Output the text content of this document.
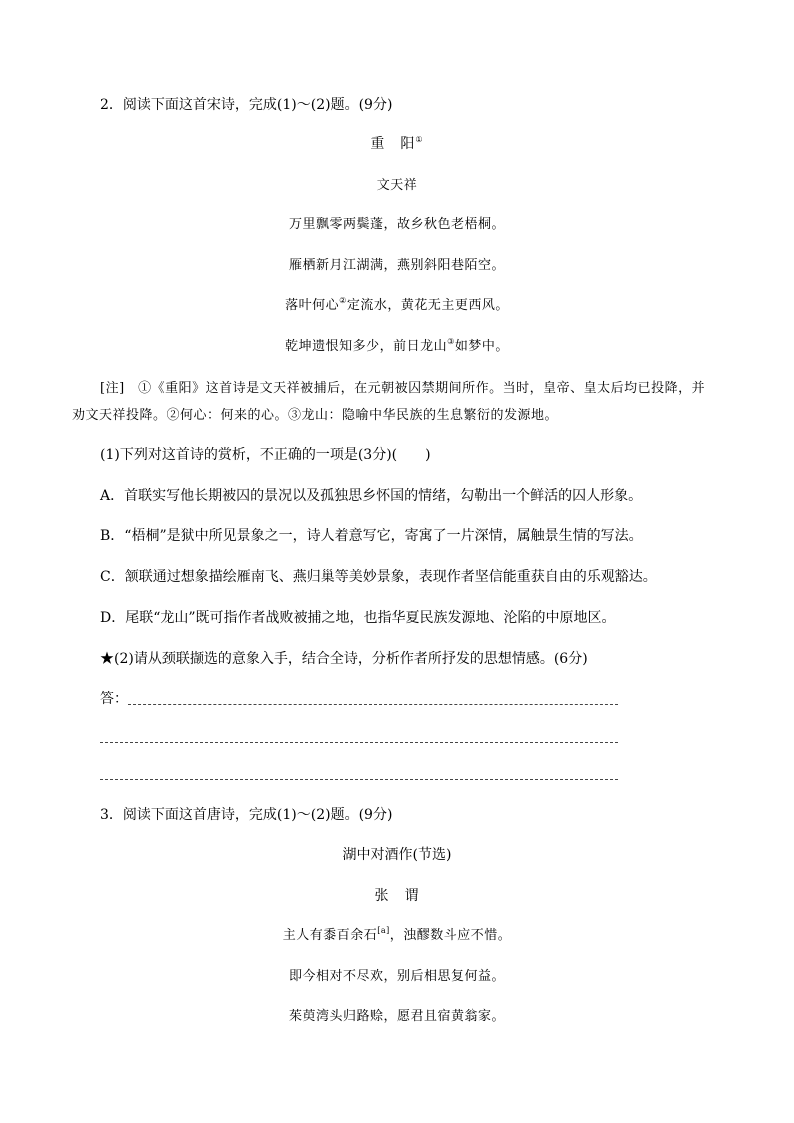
2．阅读下面这首宋诗，完成(1)～(2)题。(9分)
重　阳①
文天祥
万里飘零两鬓蓬，故乡秋色老梧桐。
雁栖新月江湖满，燕别斜阳巷陌空。
落叶何心②定流水，黄花无主更西风。
乾坤遗恨知多少，前日龙山③如梦中。
[注]　①《重阳》这首诗是文天祥被捕后，在元朝被囚禁期间所作。当时，皇帝、皇太后均已投降，并
劝文天祥投降。②何心：何来的心。③龙山：隐喻中华民族的生息繁衍的发源地。
(1)下列对这首诗的赏析，不正确的一项是(3分)(　　)
A．首联实写他长期被囚的景况以及孤独思乡怀国的情绪，勾勒出一个鲜活的囚人形象。
B．“梧桐”是狱中所见景象之一，诗人着意写它，寄寓了一片深情，属触景生情的写法。
C．颔联通过想象描绘雁南飞、燕归巢等美妙景象，表现作者坚信能重获自由的乐观豁达。
D．尾联“龙山”既可指作者战败被捕之地，也指华夏民族发源地、沦陷的中原地区。
★(2)请从颈联撷选的意象入手，结合全诗，分析作者所抒发的思想情感。(6分)
答：
3．阅读下面这首唐诗，完成(1)～(2)题。(9分)
湖中对酒作(节选)
张　谓
主人有黍百余石[a]，浊醪数斗应不惜。
即今相对不尽欢，别后相思复何益。
茱萸湾头归路赊，愿君且宿黄翁家。
